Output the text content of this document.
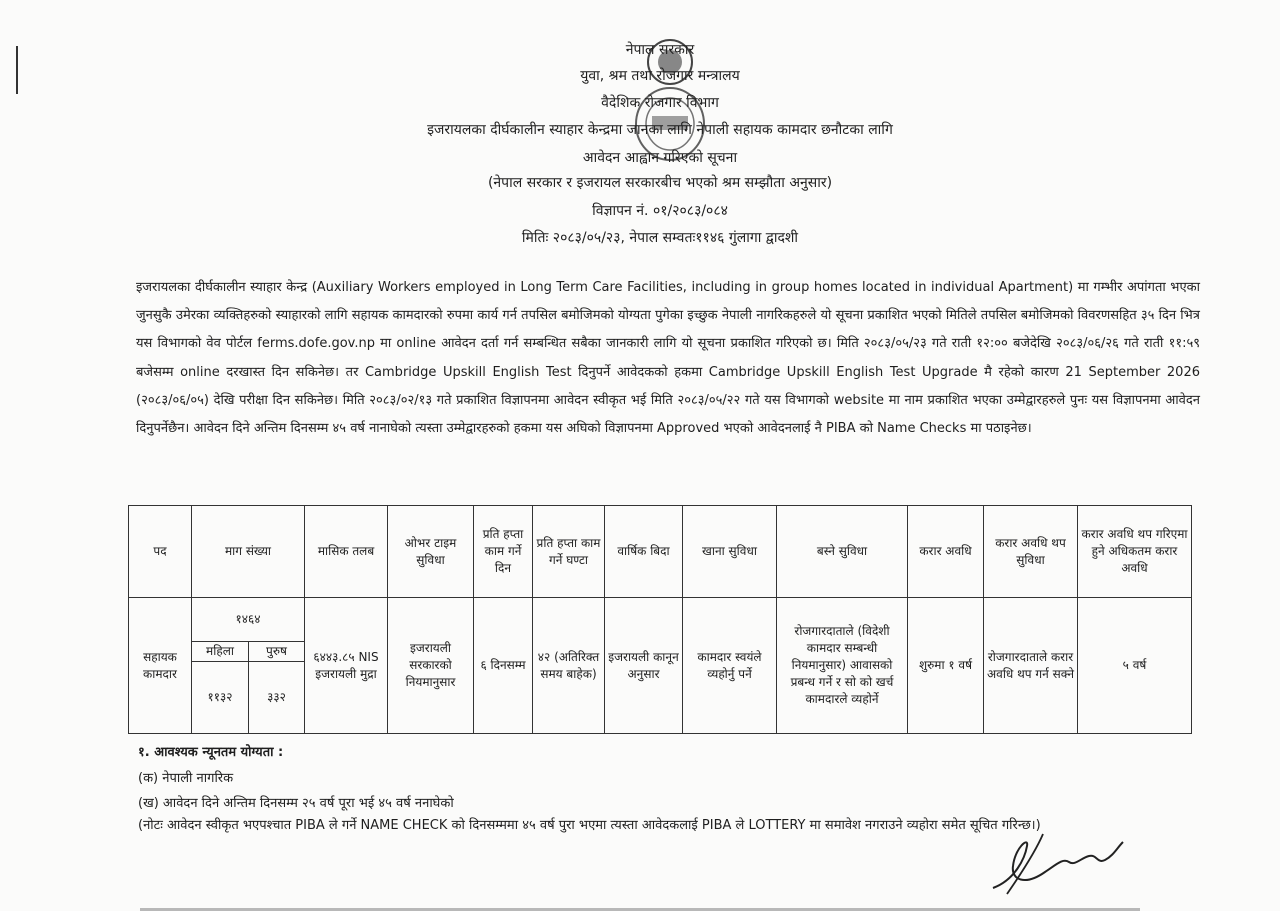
नेपाल सरकार
युवा, श्रम तथा रोजगार मन्त्रालय
वैदेशिक रोजगार विभाग
इजरायलका दीर्घकालीन स्याहार केन्द्रमा जानका लागि नेपाली सहायक कामदार छनौटका लागि
आवेदन आह्वान गरिएको सूचना
(नेपाल सरकार र इजरायल सरकारबीच भएको श्रम सम्झौता अनुसार)
विज्ञापन नं. ०१/२०८३/०८४
मितिः २०८३/०५/२३, नेपाल सम्वतः११४६ गुंलागा द्वादशी
इजरायलका दीर्घकालीन स्याहार केन्द्र (Auxiliary Workers employed in Long Term Care Facilities, including in group homes located in individual Apartment) मा गम्भीर अपांगता भएका जुनसुकै उमेरका व्यक्तिहरुको स्याहारको लागि सहायक कामदारको रुपमा कार्य गर्न तपसिल बमोजिमको योग्यता पुगेका इच्छुक नेपाली नागरिकहरुले यो सूचना प्रकाशित भएको मितिले तपसिल बमोजिमको विवरणसहित ३५ दिन भित्र यस विभागको वेव पोर्टल ferms.dofe.gov.np मा online आवेदन दर्ता गर्न सम्बन्धित सबैका जानकारी लागि यो सूचना प्रकाशित गरिएको छ। मिति २०८३/०५/२३ गते राती १२:०० बजेदेखि २०८३/०६/२६ गते राती ११:५९ बजेसम्म online दरखास्त दिन सकिनेछ। तर Cambridge Upskill English Test दिनुपर्ने आवेदकको हकमा Cambridge Upskill English Test Upgrade मै रहेको कारण 21 September 2026 (२०८३/०६/०५) देखि परीक्षा दिन सकिनेछ। मिति २०८३/०२/१३ गते प्रकाशित विज्ञापनमा आवेदन स्वीकृत भई मिति २०८३/०५/२२ गते यस विभागको website मा नाम प्रकाशित भएका उम्मेद्वारहरुले पुनः यस विज्ञापनमा आवेदन दिनुपर्नेछैन। आवेदन दिने अन्तिम दिनसम्म ४५ वर्ष नानाघेको त्यस्ता उम्मेद्वारहरुको हकमा यस अघिको विज्ञापनमा Approved भएको आवेदनलाई नै PIBA को Name Checks मा पठाइनेछ।
पद	माग संख्या		मासिक तलब	ओभर टाइम सुविधा	प्रति हप्ता काम गर्ने दिन	प्रति हप्ता काम गर्ने घण्टा	वार्षिक बिदा	खाना सुविधा	बस्ने सुविधा	करार अवधि	करार अवधि थप सुविधा	करार अवधि थप गरिएमा हुने अधिकतम करार अवधि
सहायक कामदार	१४६४		६४४३.८५ NIS इजरायली मुद्रा	इजरायली सरकारको नियमानुसार	६ दिनसम्म	४२ (अतिरिक्त समय बाहेक)	इजरायली कानून अनुसार	कामदार स्वयंले व्यहोर्नु पर्ने	रोजगारदाताले (विदेशी कामदार सम्बन्धी नियमानुसार) आवासको प्रबन्ध गर्ने र सो को खर्च कामदारले व्यहोर्ने	शुरुमा १ वर्ष	रोजगारदाताले करार अवधि थप गर्न सक्ने	५ वर्ष
	महिला	पुरुष										
	११३२	३३२										
१. आवश्यक न्यूनतम योग्यता :
(क) नेपाली नागरिक
(ख) आवेदन दिने अन्तिम दिनसम्म २५ वर्ष पूरा भई ४५ वर्ष ननाघेको
(नोटः आवेदन स्वीकृत भएपश्चात PIBA ले गर्ने NAME CHECK को दिनसम्ममा ४५ वर्ष पुरा भएमा त्यस्ता आवेदकलाई PIBA ले LOTTERY मा समावेश नगराउने व्यहोरा समेत सूचित गरिन्छ।)
